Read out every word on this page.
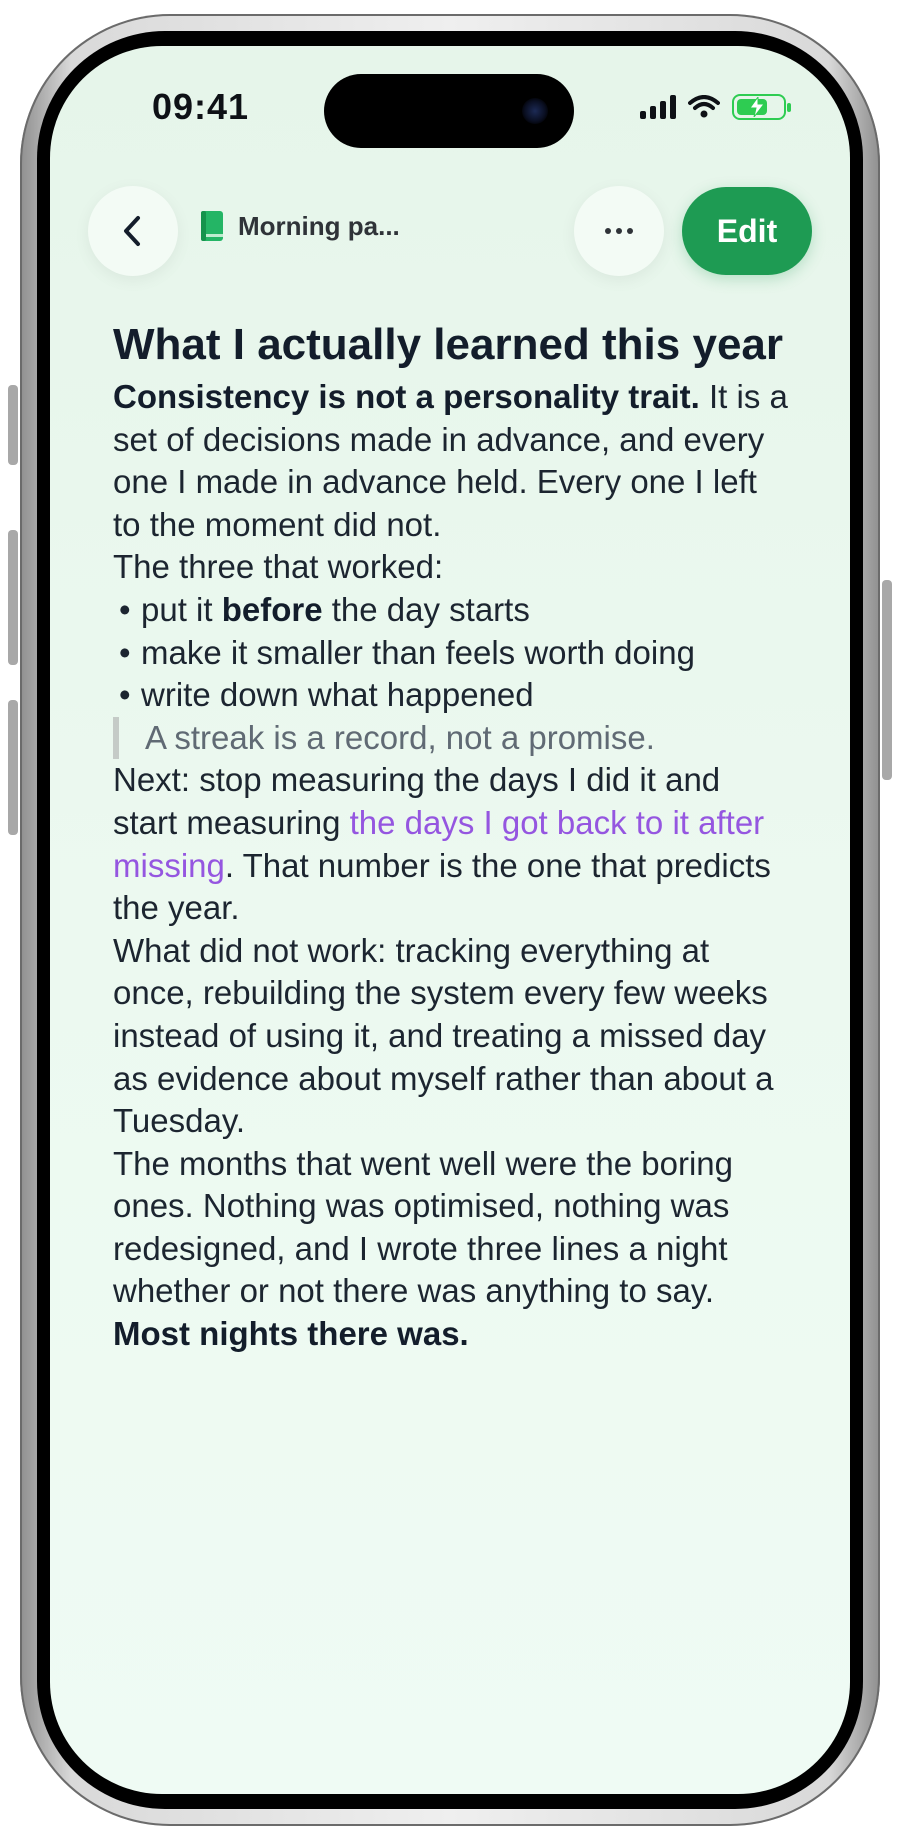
09:41
Morning pa...	Edit
What I actually learned this year

Consistency is not a personality trait. It is a set of decisions made in advance, and every one I made in advance held. Every one I left to the moment did not.

The three that worked:

• put it before the day starts
• make it smaller than feels worth doing
• write down what happened

A streak is a record, not a promise.

Next: stop measuring the days I did it and start measuring the days I got back to it after missing. That number is the one that predicts the year.

What did not work: tracking everything at once, rebuilding the system every few weeks instead of using it, and treating a missed day as evidence about myself rather than about a Tuesday.

The months that went well were the boring ones. Nothing was optimised, nothing was redesigned, and I wrote three lines a night whether or not there was anything to say. Most nights there was.
